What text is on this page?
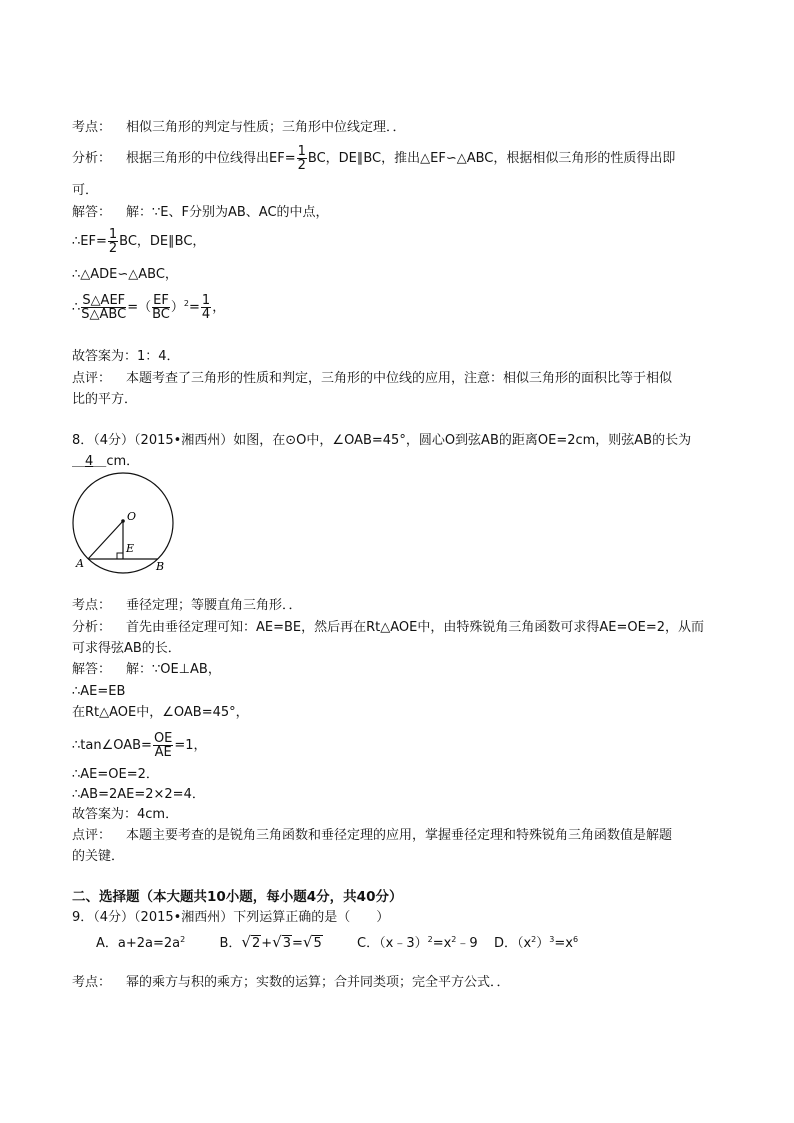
考点： 相似三角形的判定与性质；三角形中位线定理．．
分析： 根据三角形的中位线得出$EF= \frac{1}{2}$ BC，DE∥BC，推出△EF∽△ABC，根据相似三角形的性质得出即
可．
解答： 解：∵E、F分别为AB、AC的中点，
∴EF= $\frac{1}{2}$ BC，DE∥BC，
∴△ADE∽△ABC，
∴ $\frac{\text{S△AEF}}{\text{S△ABC}}$ =（ $\frac{EF}{BC} )^2= \frac{1}{4}$ ，
故答案为：1：4．
点评： 本题考查了三角形的性质和判定，三角形的中位线的应用，注意：相似三角形的面积比等于相似
比的平方．
8．（4分）（2015•湘西州）如图，在⊙O中，∠OAB=45°，圆心O到弦AB的距离OE=2cm，则弦AB的长为
＿4＿cm．
O
E
A	B
考点： 垂径定理；等腰直角三角形．．
分析： 首先由垂径定理可知：AE=BE，然后再在Rt△AOE中，由特殊锐角三角函数可求得AE=OE=2，从而
可求得弦AB的长．
解答： 解：∵OE⊥AB，
∴AE=EB
在Rt△AOE中，∠OAB=45°，
∴tan∠OAB= $\frac{OE}{AE} =1$，
∴AE=OE=2．
∴AB=2AE=2×2=4．
故答案为：4cm．
点评： 本题主要考查的是锐角三角函数和垂径定理的应用，掌握垂径定理和特殊锐角三角函数值是解题
的关键．
二、选择题（本大题共10小题，每小题4分，共40分）
9．（4分）（2015•湘西州）下列运算正确的是（　　）
A．$a+2a=2a^2$	B．√2+√3=√5	C．$(x﹣3)^2=x^2﹣9$ D．$(x^2)^3=x^6$
考点： 幂的乘方与积的乘方；实数的运算；合并同类项；完全平方公式．．
